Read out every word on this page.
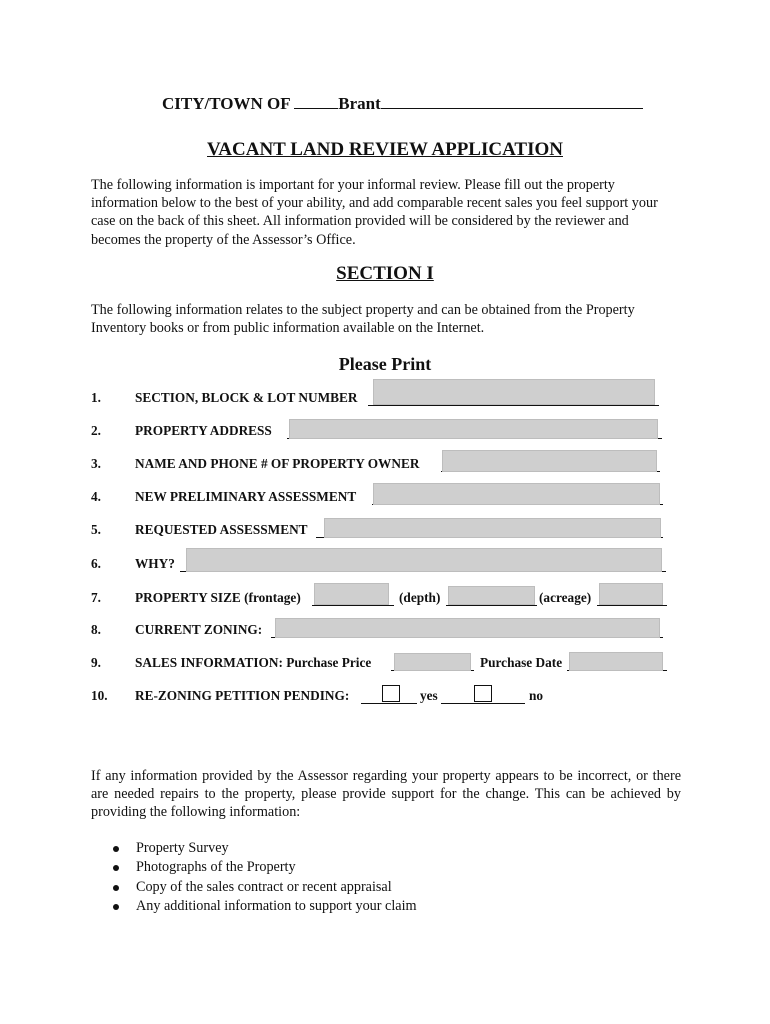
CITY/TOWN OF	Brant
VACANT LAND REVIEW APPLICATION
The following information is important for your informal review. Please fill out the property information below to the best of your ability, and add comparable recent sales you feel support your case on the back of this sheet. All information provided will be considered by the reviewer and becomes the property of the Assessor’s Office.
SECTION I
The following information relates to the subject property and can be obtained from the Property Inventory books or from public information available on the Internet.
Please Print
1.	SECTION, BLOCK & LOT NUMBER
2.	PROPERTY ADDRESS
3.	NAME AND PHONE # OF PROPERTY OWNER
4.	NEW PRELIMINARY ASSESSMENT
5.	REQUESTED ASSESSMENT
6.	WHY?
7.	PROPERTY SIZE (frontage)	(depth)	(acreage)
8.	CURRENT ZONING:
9.	SALES INFORMATION: Purchase Price	Purchase Date
10. RE-ZONING PETITION PENDING:	yes	no
If any information provided by the Assessor regarding your property appears to be incorrect, or there are needed repairs to the property, please provide support for the change. This can be achieved by providing the following information:
Property Survey
Photographs of the Property
Copy of the sales contract or recent appraisal
Any additional information to support your claim
